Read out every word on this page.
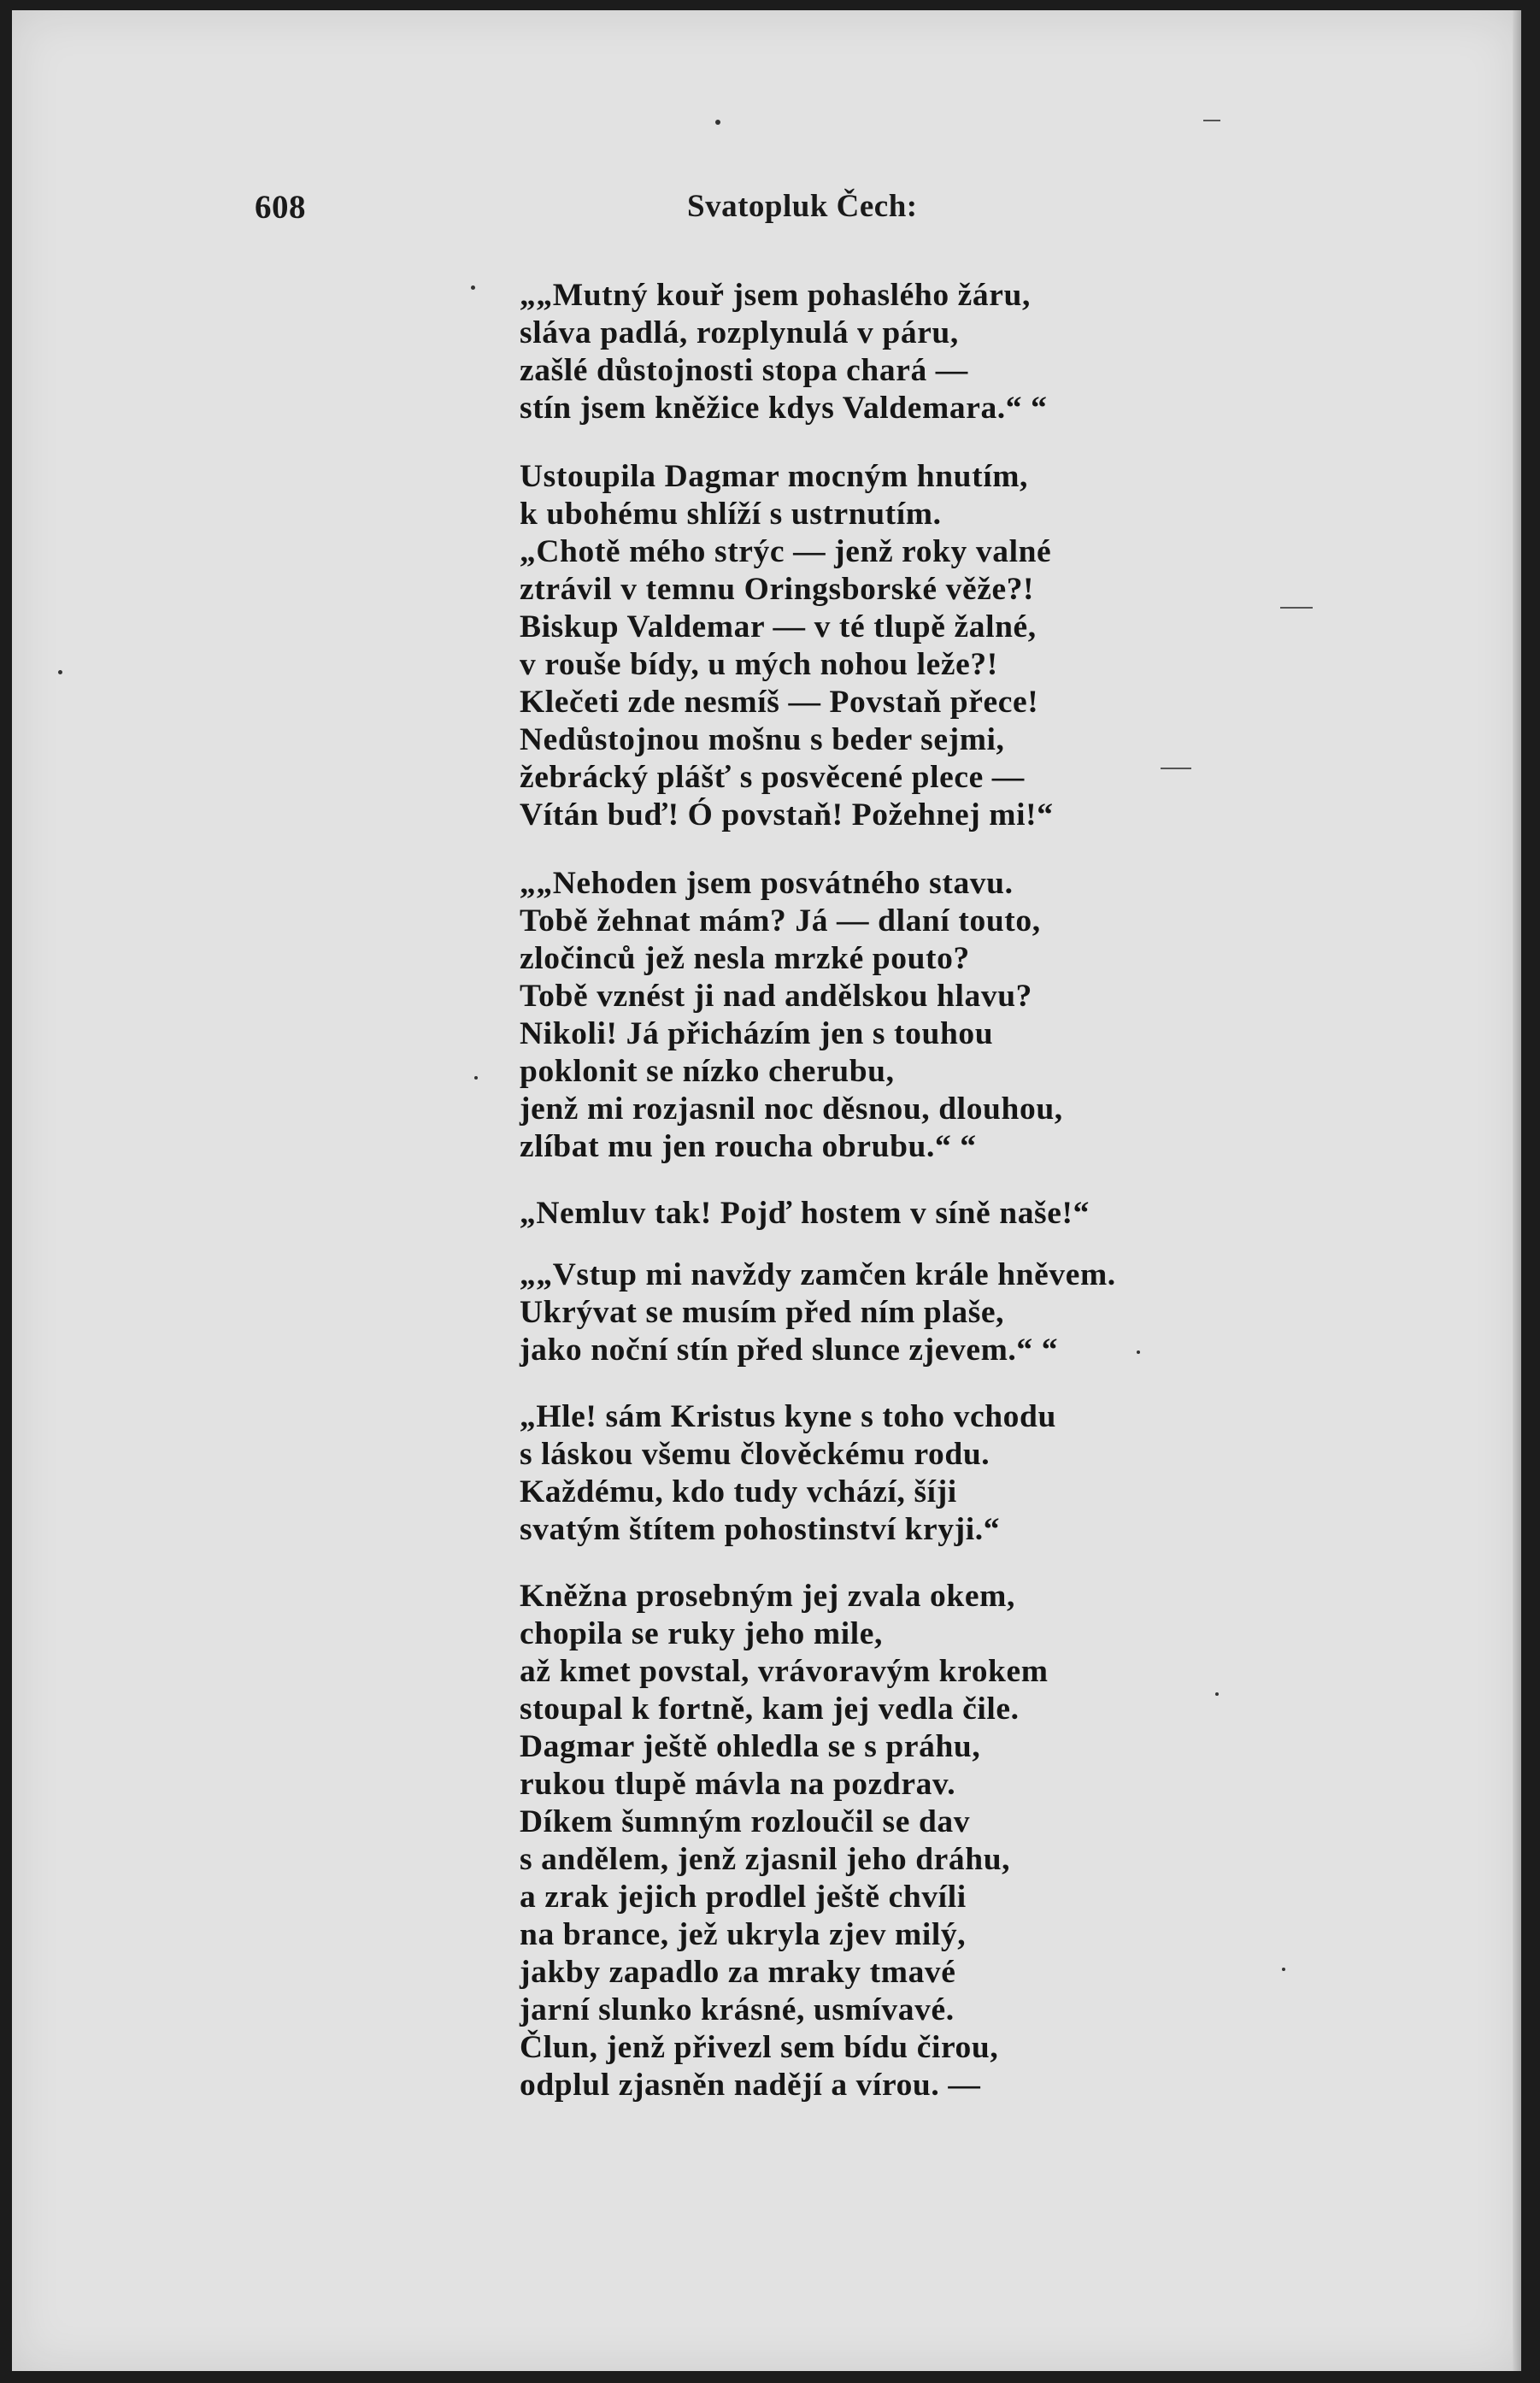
608	Svatopluk Čech:
„„Mutný kouř jsem pohaslého žáru,
sláva padlá, rozplynulá v páru,
zašlé důstojnosti stopa chará —
stín jsem kněžice kdys Valdemara.“ “
Ustoupila Dagmar mocným hnutím,
k ubohému shlíží s ustrnutím.
„Chotě mého strýc — jenž roky valné
ztrávil v temnu Oringsborské věže?!
Biskup Valdemar — v té tlupě žalné,
v rouše bídy, u mých nohou leže?!
Klečeti zde nesmíš — Povstaň přece!
Nedůstojnou mošnu s beder sejmi,
žebrácký plášť s posvěcené plece —
Vítán buď! Ó povstaň! Požehnej mi!“
„„Nehoden jsem posvátného stavu.
Tobě žehnat mám? Já — dlaní touto,
zločinců jež nesla mrzké pouto?
Tobě vznést ji nad andělskou hlavu?
Nikoli! Já přicházím jen s touhou
poklonit se nízko cherubu,
jenž mi rozjasnil noc děsnou, dlouhou,
zlíbat mu jen roucha obrubu.“ “
„Nemluv tak! Pojď hostem v síně naše!“
„„Vstup mi navždy zamčen krále hněvem.
Ukrývat se musím před ním plaše,
jako noční stín před slunce zjevem.“ “
„Hle! sám Kristus kyne s toho vchodu
s láskou všemu člověckému rodu.
Každému, kdo tudy vchází, šíji
svatým štítem pohostinství kryji.“
Kněžna prosebným jej zvala okem,
chopila se ruky jeho mile,
až kmet povstal, vrávoravým krokem
stoupal k fortně, kam jej vedla čile.
Dagmar ještě ohledla se s práhu,
rukou tlupě mávla na pozdrav.
Díkem šumným rozloučil se dav
s andělem, jenž zjasnil jeho dráhu,
a zrak jejich prodlel ještě chvíli
na brance, jež ukryla zjev milý,
jakby zapadlo za mraky tmavé
jarní slunko krásné, usmívavé.
Člun, jenž přivezl sem bídu čirou,
odplul zjasněn nadějí a vírou. —
